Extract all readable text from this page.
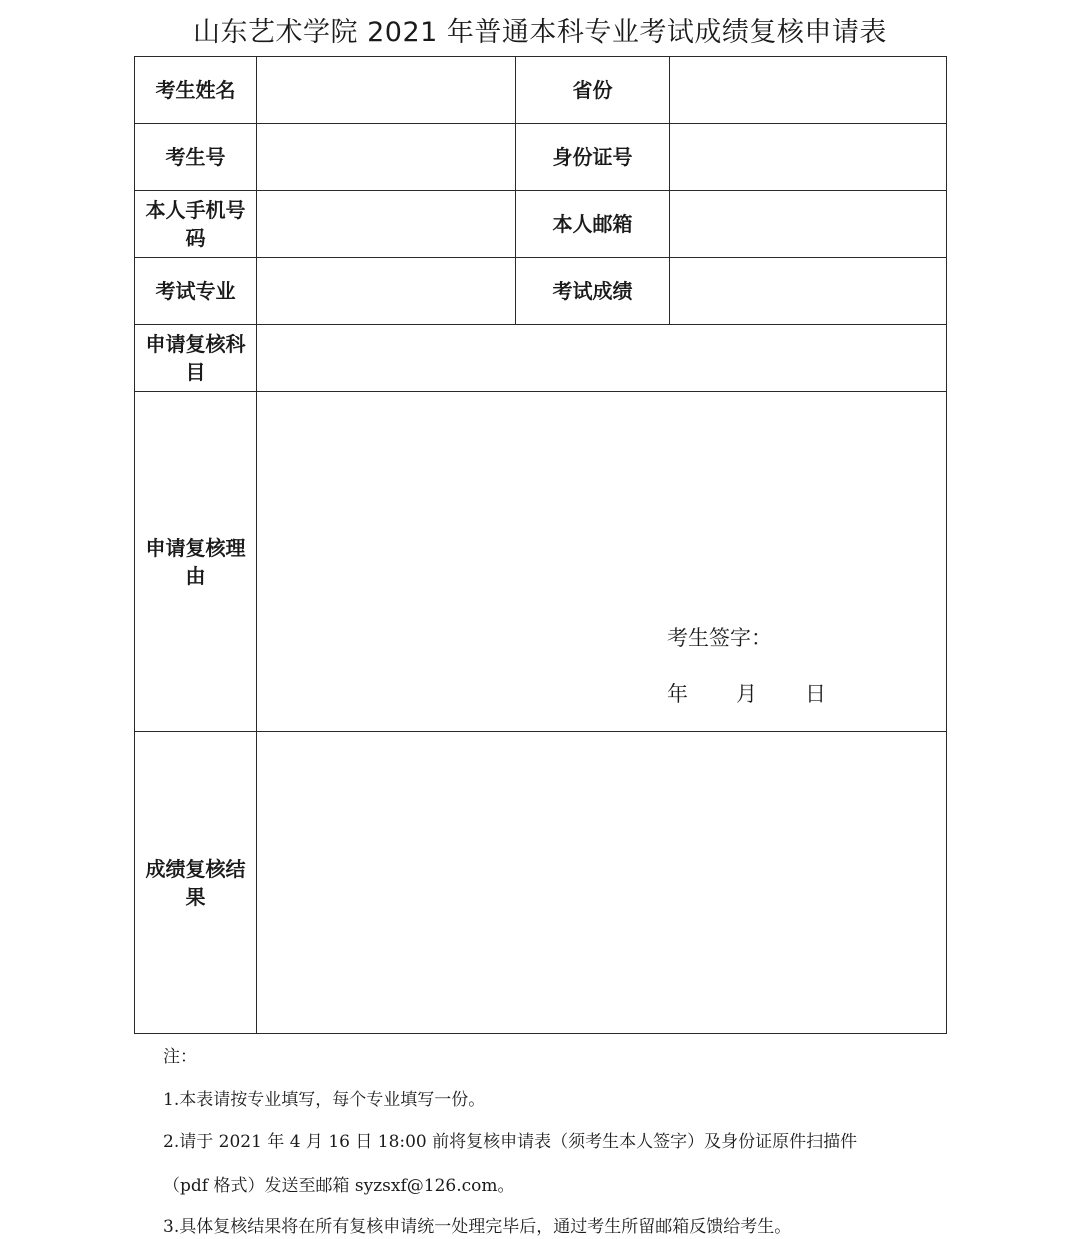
山东艺术学院 2021 年普通本科专业考试成绩复核申请表
考生姓名		省份	
考生号		身份证号	
本人手机号码		本人邮箱	
考试专业		考试成绩	
申请复核科目			
申请复核理由	考生签字：
年 月 日		

成绩复核结果			
注：
1.本表请按专业填写，每个专业填写一份。
2.请于 2021 年 4 月 16 日 18:00 前将复核申请表（须考生本人签字）及身份证原件扫描件
（pdf 格式）发送至邮箱 syzsxf@126.com。
3.具体复核结果将在所有复核申请统一处理完毕后，通过考生所留邮箱反馈给考生。
